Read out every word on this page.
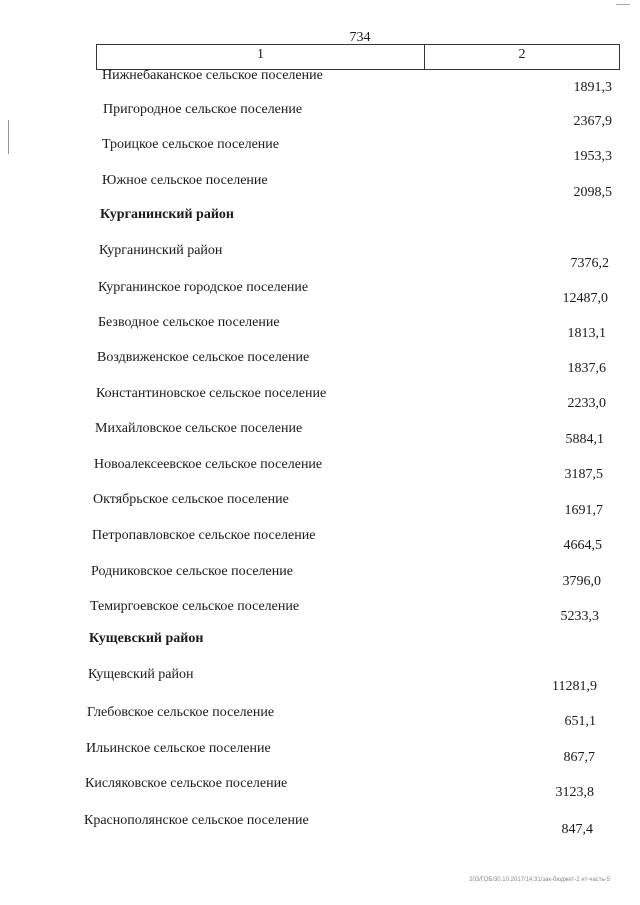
734
1	2
Нижнебаканское сельское поселение
1891,3
Пригородное сельское поселение
2367,9
Троицкое сельское поселение
1953,3
Южное сельское поселение
2098,5
Курганинский район
Курганинский район
7376,2
Курганинское городское поселение
12487,0
Безводное сельское поселение
1813,1
Воздвиженское сельское поселение
1837,6
Константиновское сельское поселение
2233,0
Михайловское сельское поселение
5884,1
Новоалексеевское сельское поселение
3187,5
Октябрьское сельское поселение
1691,7
Петропавловское сельское поселение
4664,5
Родниковское сельское поселение
3796,0
Темиргоевское сельское поселение
5233,3
Кущевский район
Кущевский район
11281,9
Глебовское сельское поселение
651,1
Ильинское сельское поселение
867,7
Кисляковское сельское поселение
3123,8
Краснополянское сельское поселение
847,4
203/ГОБ/30.10.2017/14:31/зак-бюджет-2 нт-часть-5
